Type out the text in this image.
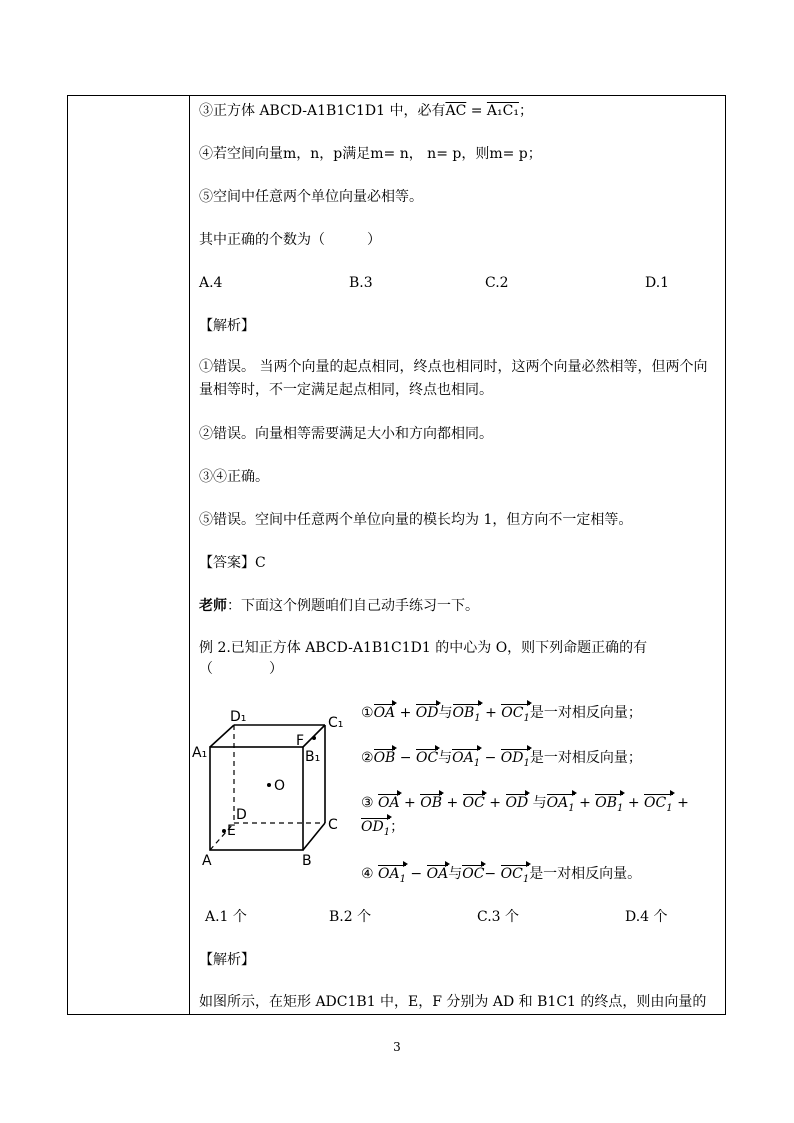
③正方体 ABCD-A1B1C1D1 中，必有$\overline{AC} = A_1C_1$；
④若空间向量m，n，p满足m= n， n= p，则m= p；
⑤空间中任意两个单位向量必相等。
其中正确的个数为（　　　）
A.4	B.3	C.2	D.1
【解析】
①错误。 当两个向量的起点相同，终点也相同时，这两个向量必然相等，但两个向量相等时，不一定满足起点相同，终点也相同。
②错误。向量相等需要满足大小和方向都相同。
③④正确。
⑤错误。空间中任意两个单位向量的模长均为 1，但方向不一定相等。
【答案】C
老师：下面这个例题咱们自己动手练习一下。
例 2.已知正方体 ABCD-A1B1C1D1 的中心为 O，则下列命题正确的有
（　　　　）
①OA + OD与$OB_1 + OC_1$是一对相反向量；
②OB − OC与$OA_1 - OD_1$是一对相反向量；
③ OA + OB + OC + OD 与$OA_1 + OB_1 + OC_1$ +
$OD_1$；
④ $OA_1$ − OA与$OC- OC_1$是一对相反向量。
A.1 个	B.2 个	C.3 个	D.4 个
【解析】
如图所示，在矩形 ADC1B1 中，E，F 分别为 AD 和 B1C1 的终点，则由向量的
D₁	C₁
A₁	B₁
F
O
D
C
E
A	B
3
